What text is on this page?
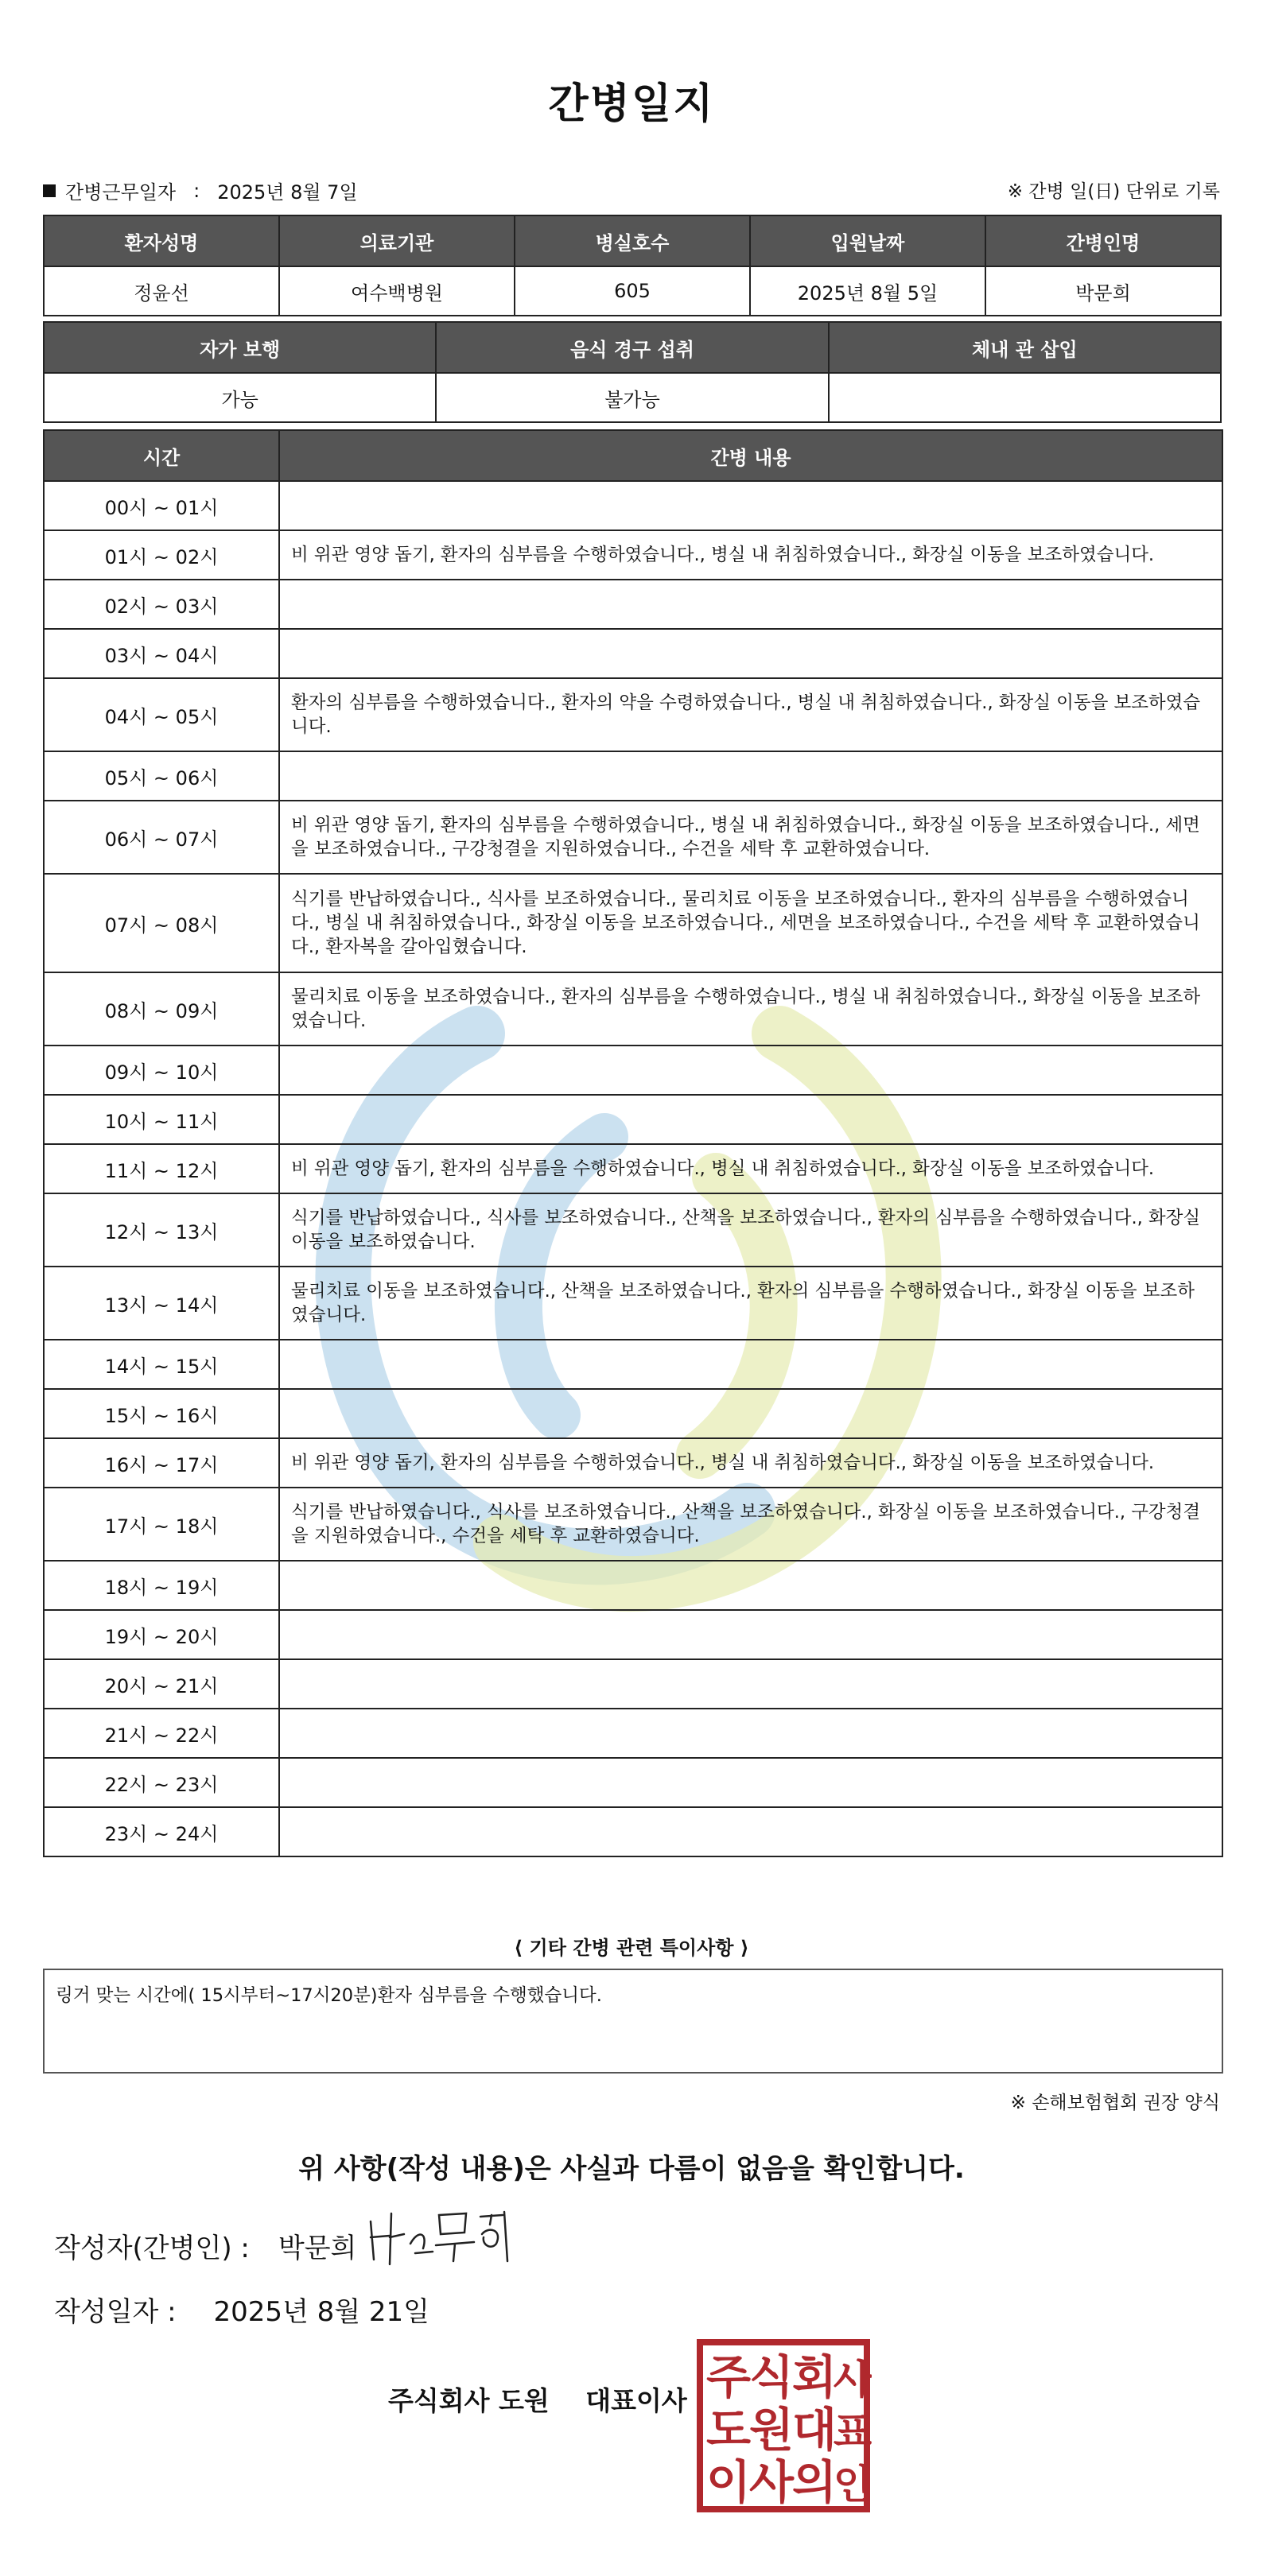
간병일지
간병근무일자 : 2025년 8월 7일	※ 간병 일(日) 단위로 기록
환자성명	의료기관	병실호수	입원날짜	간병인명
정윤선	여수백병원	605	2025년 8월 5일	박문희
자가 보행	음식 경구 섭취	체내 관 삽입
가능	불가능	
시간	간병 내용
00시 ~ 01시	
01시 ~ 02시	비 위관 영양 돕기, 환자의 심부름을 수행하였습니다., 병실 내 취침하였습니다., 화장실 이동을 보조하였습니다.
02시 ~ 03시	
03시 ~ 04시	
04시 ~ 05시	환자의 심부름을 수행하였습니다., 환자의 약을 수령하였습니다., 병실 내 취침하였습니다., 화장실 이동을 보조하였습니다.
05시 ~ 06시	
06시 ~ 07시	비 위관 영양 돕기, 환자의 심부름을 수행하였습니다., 병실 내 취침하였습니다., 화장실 이동을 보조하였습니다., 세면을 보조하였습니다., 구강청결을 지원하였습니다., 수건을 세탁 후 교환하였습니다.
07시 ~ 08시	식기를 반납하였습니다., 식사를 보조하였습니다., 물리치료 이동을 보조하였습니다., 환자의 심부름을 수행하였습니다., 병실 내 취침하였습니다., 화장실 이동을 보조하였습니다., 세면을 보조하였습니다., 수건을 세탁 후 교환하였습니다., 환자복을 갈아입혔습니다.
08시 ~ 09시	물리치료 이동을 보조하였습니다., 환자의 심부름을 수행하였습니다., 병실 내 취침하였습니다., 화장실 이동을 보조하였습니다.
09시 ~ 10시	
10시 ~ 11시	
11시 ~ 12시	비 위관 영양 돕기, 환자의 심부름을 수행하였습니다., 병실 내 취침하였습니다., 화장실 이동을 보조하였습니다.
12시 ~ 13시	식기를 반납하였습니다., 식사를 보조하였습니다., 산책을 보조하였습니다., 환자의 심부름을 수행하였습니다., 화장실 이동을 보조하였습니다.
13시 ~ 14시	물리치료 이동을 보조하였습니다., 산책을 보조하였습니다., 환자의 심부름을 수행하였습니다., 화장실 이동을 보조하였습니다.
14시 ~ 15시	
15시 ~ 16시	
16시 ~ 17시	비 위관 영양 돕기, 환자의 심부름을 수행하였습니다., 병실 내 취침하였습니다., 화장실 이동을 보조하였습니다.
17시 ~ 18시	식기를 반납하였습니다., 식사를 보조하였습니다., 산책을 보조하였습니다., 화장실 이동을 보조하였습니다., 구강청결을 지원하였습니다., 수건을 세탁 후 교환하였습니다.
18시 ~ 19시	
19시 ~ 20시	
20시 ~ 21시	
21시 ~ 22시	
22시 ~ 23시	
23시 ~ 24시	
⟨ 기타 간병 관련 특이사항 ⟩
링거 맞는 시간에( 15시부터~17시20분)환자 심부름을 수행했습니다.
※ 손해보험협회 권장 양식
위 사항(작성 내용)은 사실과 다름이 없음을 확인합니다.
작성자(간병인) : 박문희
작성일자 : 2025년 8월 21일
주식회사 도원 대표이사 주
식
회
사
도
원
대
표
이
사
의
인
